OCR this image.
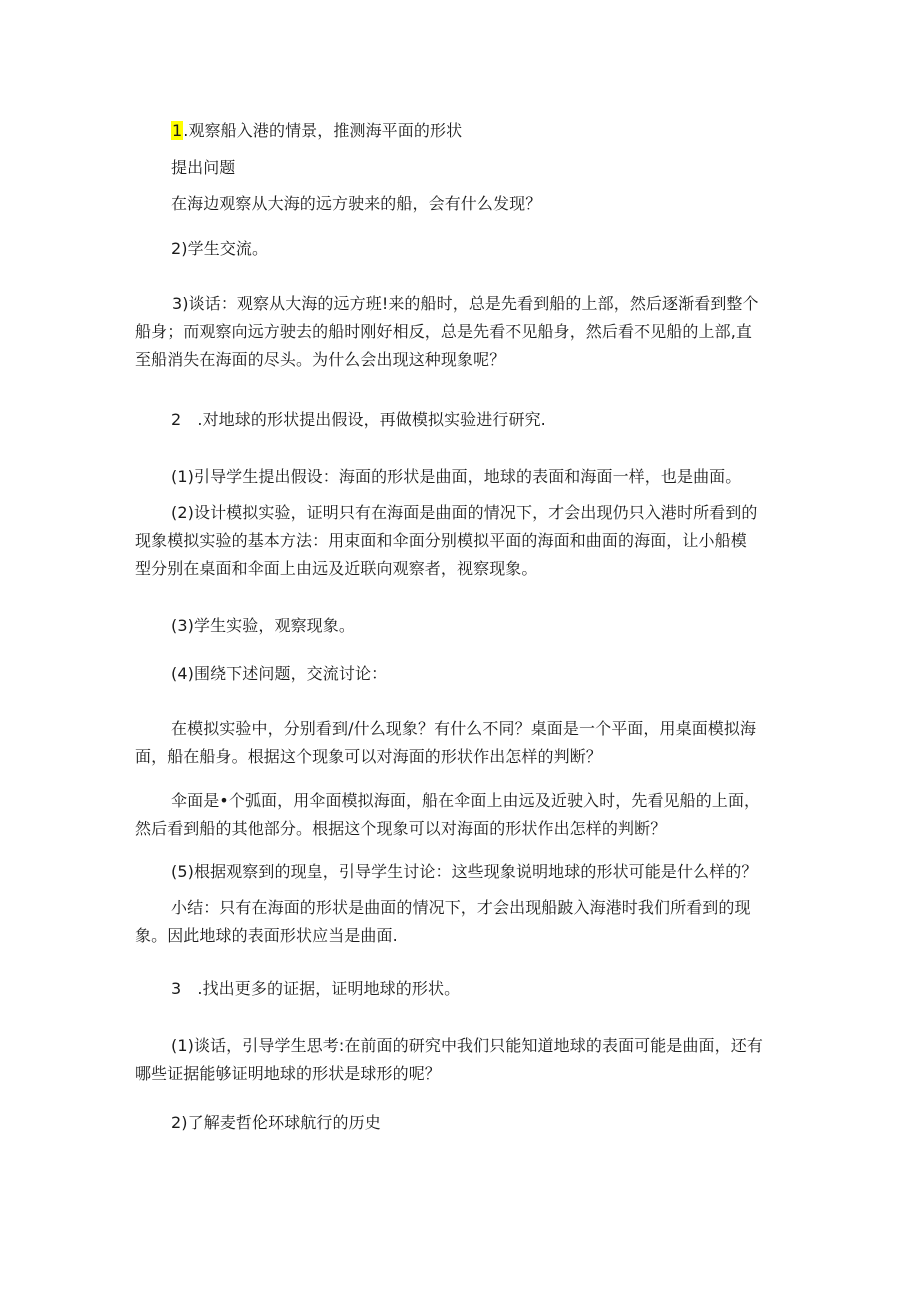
1.观察船入港的情景，推测海平面的形状

提出问题

在海边观察从大海的远方驶来的船，会有什么发现？

2)学生交流。

3)谈话：观察从大海的远方班!来的船时，总是先看到船的上部，然后逐渐看到整个
船身；而观察向远方驶去的船时刚好相反，总是先看不见船身，然后看不见船的上部,直
至船消失在海面的尽头。为什么会出现这种现象呢？

2　.对地球的形状提出假设，再做模拟实验进行研究.

(1)引导学生提出假设：海面的形状是曲面，地球的表面和海面一样，也是曲面。

(2)设计模拟实验，证明只有在海面是曲面的情况下，才会出现仍只入港时所看到的
现象模拟实验的基本方法：用束面和伞面分别模拟平面的海面和曲面的海面，让小船模
型分别在桌面和伞面上由远及近联向观察者，视察现象。

(3)学生实验，观察现象。

(4)围绕下述问题，交流讨论：

在模拟实验中，分别看到/什么现象？有什么不同？桌面是一个平面，用桌面模拟海
面，船在船身。根据这个现象可以对海面的形状作出怎样的判断？

伞面是•个弧面，用伞面模拟海面，船在伞面上由远及近驶入时，先看见船的上面，
然后看到船的其他部分。根据这个现象可以对海面的形状作出怎样的判断？

(5)根据观察到的现皇，引导学生讨论：这些现象说明地球的形状可能是什么样的？

小结：只有在海面的形状是曲面的情况下，才会出现船跛入海港时我们所看到的现
象。因此地球的表面形状应当是曲面.

3　.找出更多的证据，证明地球的形状。

(1)谈话，引导学生思考:在前面的研究中我们只能知道地球的表面可能是曲面，还有
哪些证据能够证明地球的形状是球形的呢？

2)了解麦哲伦环球航行的历史
